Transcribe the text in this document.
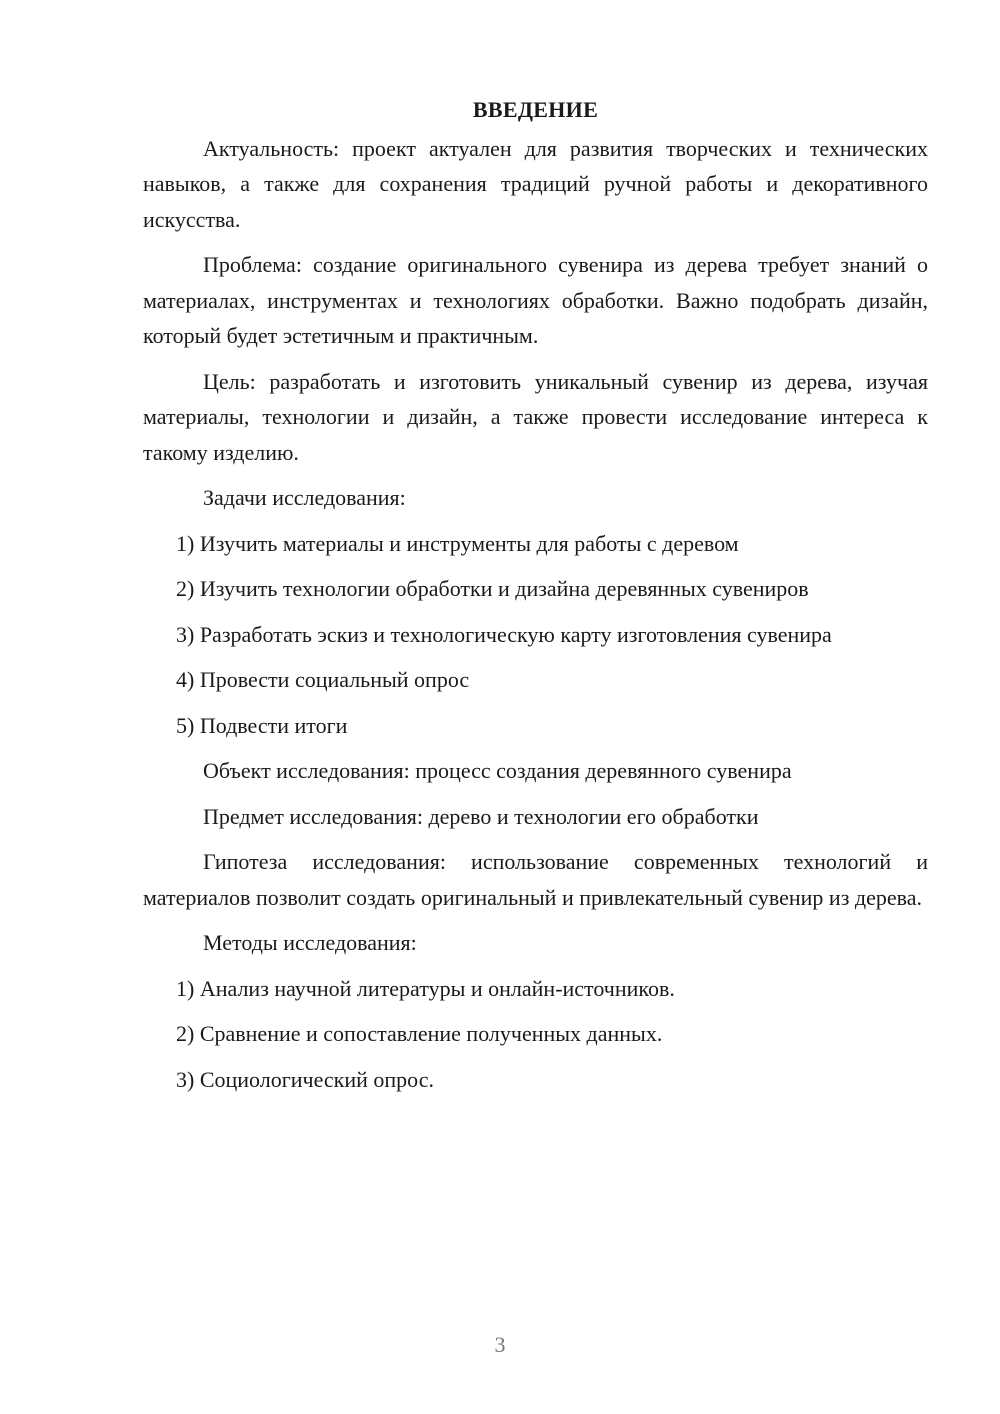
ВВЕДЕНИЕ

Актуальность: проект актуален для развития творческих и технических навыков, а также для сохранения традиций ручной работы и декоративного искусства.

Проблема: создание оригинального сувенира из дерева требует знаний о материалах, инструментах и технологиях обработки. Важно подобрать дизайн, который будет эстетичным и практичным.

Цель: разработать и изготовить уникальный сувенир из дерева, изучая материалы, технологии и дизайн, а также провести исследование интереса к такому изделию.

Задачи исследования:

1) Изучить материалы и инструменты для работы с деревом

2) Изучить технологии обработки и дизайна деревянных сувениров

3) Разработать эскиз и технологическую карту изготовления сувенира

4) Провести социальный опрос

5) Подвести итоги

Объект исследования: процесс создания деревянного сувенира

Предмет исследования: дерево и технологии его обработки

Гипотеза исследования: использование современных технологий и материалов позволит создать оригинальный и привлекательный сувенир из дерева.

Методы исследования:

1) Анализ научной литературы и онлайн-источников.

2) Сравнение и сопоставление полученных данных.

3) Социологический опрос.

3
